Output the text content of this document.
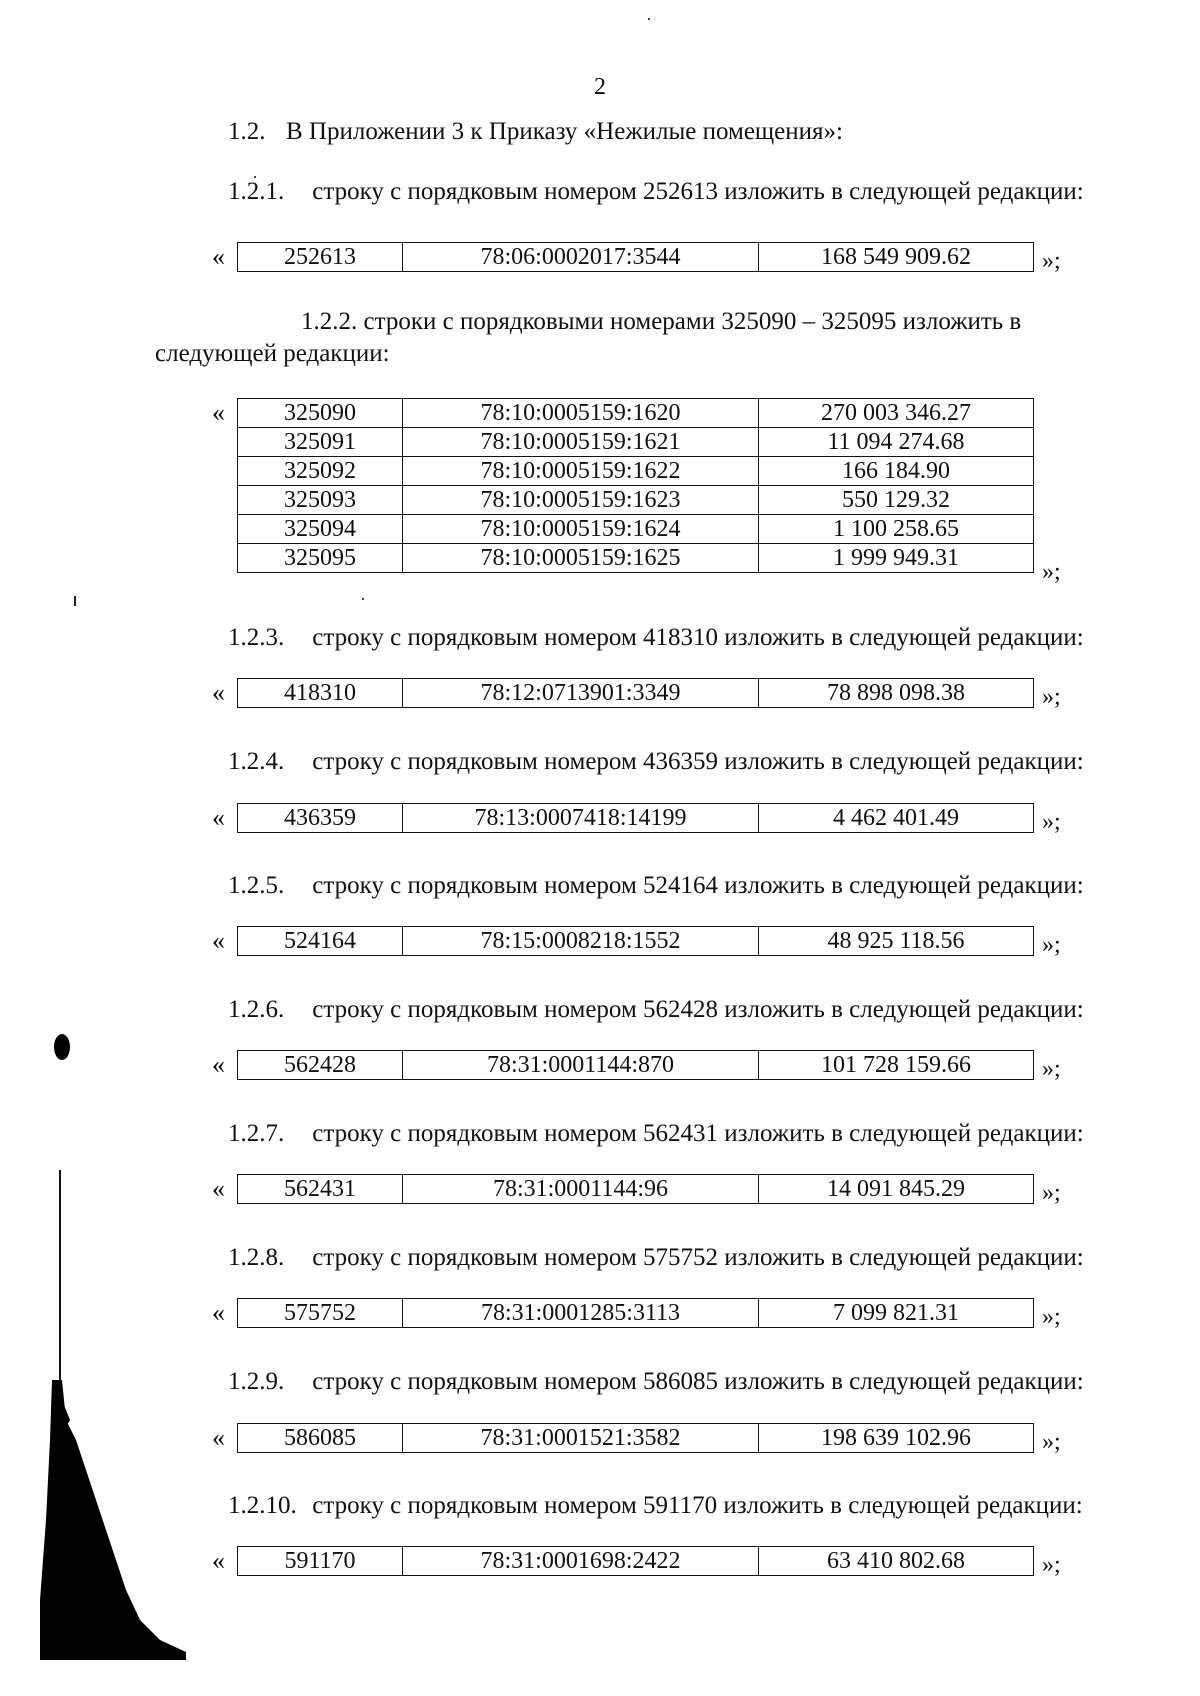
2
1.2. В Приложении 3 к Приказу «Нежилые помещения»:
1.2.1. строку с порядковым номером 252613 изложить в следующей редакции:
« 252613	78:06:0002017:3544	168 549 909.62	»;
1.2.2. строки с порядковыми номерами 325090 – 325095 изложить в следующей редакции:
« 325090	78:10:0005159:1620	270 003 346.27
325091	78:10:0005159:1621	11 094 274.68
325092	78:10:0005159:1622	166 184.90
325093	78:10:0005159:1623	550 129.32
325094	78:10:0005159:1624	1 100 258.65
325095	78:10:0005159:1625	1 999 949.31
»;
1.2.3. строку с порядковым номером 418310 изложить в следующей редакции:
« 418310	78:12:0713901:3349	78 898 098.38	»;
1.2.4. строку с порядковым номером 436359 изложить в следующей редакции:
« 436359	78:13:0007418:14199	4 462 401.49	»;
1.2.5. строку с порядковым номером 524164 изложить в следующей редакции:
« 524164	78:15:0008218:1552	48 925 118.56	»;
1.2.6. строку с порядковым номером 562428 изложить в следующей редакции:
« 562428	78:31:0001144:870	101 728 159.66	»;
1.2.7. строку с порядковым номером 562431 изложить в следующей редакции:
« 562431	78:31:0001144:96	14 091 845.29	»;
1.2.8. строку с порядковым номером 575752 изложить в следующей редакции:
« 575752	78:31:0001285:3113	7 099 821.31	»;
1.2.9. строку с порядковым номером 586085 изложить в следующей редакции:
« 586085	78:31:0001521:3582	198 639 102.96	»;
1.2.10. строку с порядковым номером 591170 изложить в следующей редакции:
« 591170	78:31:0001698:2422	63 410 802.68	»;
